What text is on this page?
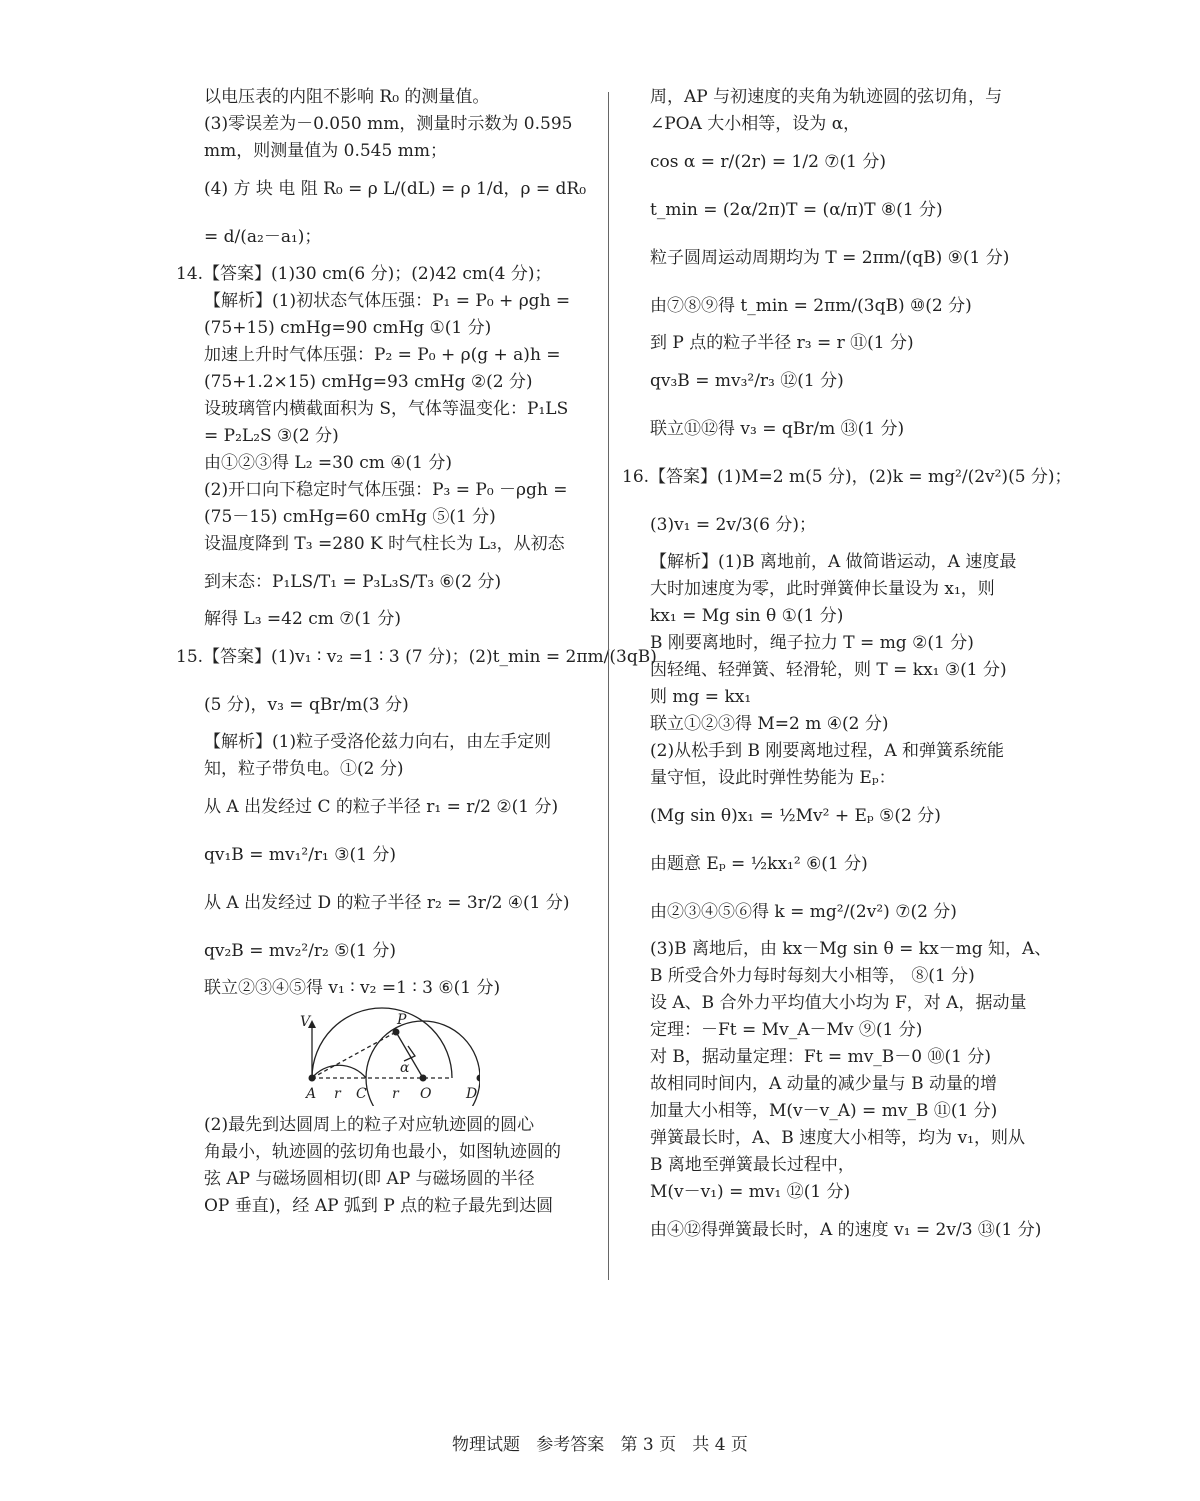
以电压表的内阻不影响 R₀ 的测量值。
(3)零误差为－0.050 mm，测量时示数为 0.595
mm，则测量值为 0.545 mm；
(4) 方 块 电 阻 R₀ = ρ L/(dL) = ρ 1/d，ρ = dR₀
= d/(a₂－a₁)；
14.【答案】(1)30 cm(6 分)；(2)42 cm(4 分)；
【解析】(1)初状态气体压强：P₁ = P₀ + ρgh =
(75+15) cmHg=90 cmHg ①(1 分)
加速上升时气体压强：P₂ = P₀ + ρ(g + a)h =
(75+1.2×15) cmHg=93 cmHg ②(2 分)
设玻璃管内横截面积为 S，气体等温变化：P₁LS
= P₂L₂S ③(2 分)
由①②③得 L₂ =30 cm ④(1 分)
(2)开口向下稳定时气体压强：P₃ = P₀ －ρgh =
(75－15) cmHg=60 cmHg ⑤(1 分)
设温度降到 T₃ =280 K 时气柱长为 L₃，从初态
到末态：P₁LS/T₁ = P₃L₃S/T₃ ⑥(2 分)
解得 L₃ =42 cm ⑦(1 分)
15.【答案】(1)v₁ ∶ v₂ =1 ∶ 3 (7 分)；(2)t_min = 2πm/(3qB)
(5 分)，v₃ = qBr/m(3 分)
【解析】(1)粒子受洛伦兹力向右，由左手定则
知，粒子带负电。①(2 分)
从 A 出发经过 C 的粒子半径 r₁ = r/2 ②(1 分)
qv₁B = mv₁²/r₁ ③(1 分)
从 A 出发经过 D 的粒子半径 r₂ = 3r/2 ④(1 分)
qv₂B = mv₂²/r₂ ⑤(1 分)
联立②③④⑤得 v₁ ∶ v₂ =1 ∶ 3 ⑥(1 分)
V	P
A	C	O D
r	r
α
(2)最先到达圆周上的粒子对应轨迹圆的圆心
角最小，轨迹圆的弦切角也最小，如图轨迹圆的
弦 AP 与磁场圆相切(即 AP 与磁场圆的半径
OP 垂直)，经 AP 弧到 P 点的粒子最先到达圆
周，AP 与初速度的夹角为轨迹圆的弦切角，与
∠POA 大小相等，设为 α，
cos α = r/(2r) = 1/2 ⑦(1 分)
t_min = (2α/2π)T = (α/π)T ⑧(1 分)
粒子圆周运动周期均为 T = 2πm/(qB) ⑨(1 分)
由⑦⑧⑨得 t_min = 2πm/(3qB) ⑩(2 分)
到 P 点的粒子半径 r₃ = r ⑪(1 分)
qv₃B = mv₃²/r₃ ⑫(1 分)
联立⑪⑫得 v₃ = qBr/m ⑬(1 分)
16.【答案】(1)M=2 m(5 分)，(2)k = mg²/(2v²)(5 分)；
(3)v₁ = 2v/3(6 分)；
【解析】(1)B 离地前，A 做简谐运动，A 速度最
大时加速度为零，此时弹簧伸长量设为 x₁，则
kx₁ = Mg sin θ ①(1 分)
B 刚要离地时，绳子拉力 T = mg ②(1 分)
因轻绳、轻弹簧、轻滑轮，则 T = kx₁ ③(1 分)
则 mg = kx₁
联立①②③得 M=2 m ④(2 分)
(2)从松手到 B 刚要离地过程，A 和弹簧系统能
量守恒，设此时弹性势能为 Eₚ：
(Mg sin θ)x₁ = ½Mv² + Eₚ ⑤(2 分)
由题意 Eₚ = ½kx₁² ⑥(1 分)
由②③④⑤⑥得 k = mg²/(2v²) ⑦(2 分)
(3)B 离地后，由 kx－Mg sin θ = kx－mg 知，A、
B 所受合外力每时每刻大小相等， ⑧(1 分)
设 A、B 合外力平均值大小均为 F，对 A，据动量
定理：－Ft = Mv_A－Mv ⑨(1 分)
对 B，据动量定理：Ft = mv_B－0 ⑩(1 分)
故相同时间内，A 动量的减少量与 B 动量的增
加量大小相等，M(v－v_A) = mv_B ⑪(1 分)
弹簧最长时，A、B 速度大小相等，均为 v₁，则从
B 离地至弹簧最长过程中，
M(v－v₁) = mv₁ ⑫(1 分)
由④⑫得弹簧最长时，A 的速度 v₁ = 2v/3 ⑬(1 分)
物理试题   参考答案   第 3 页   共 4 页
